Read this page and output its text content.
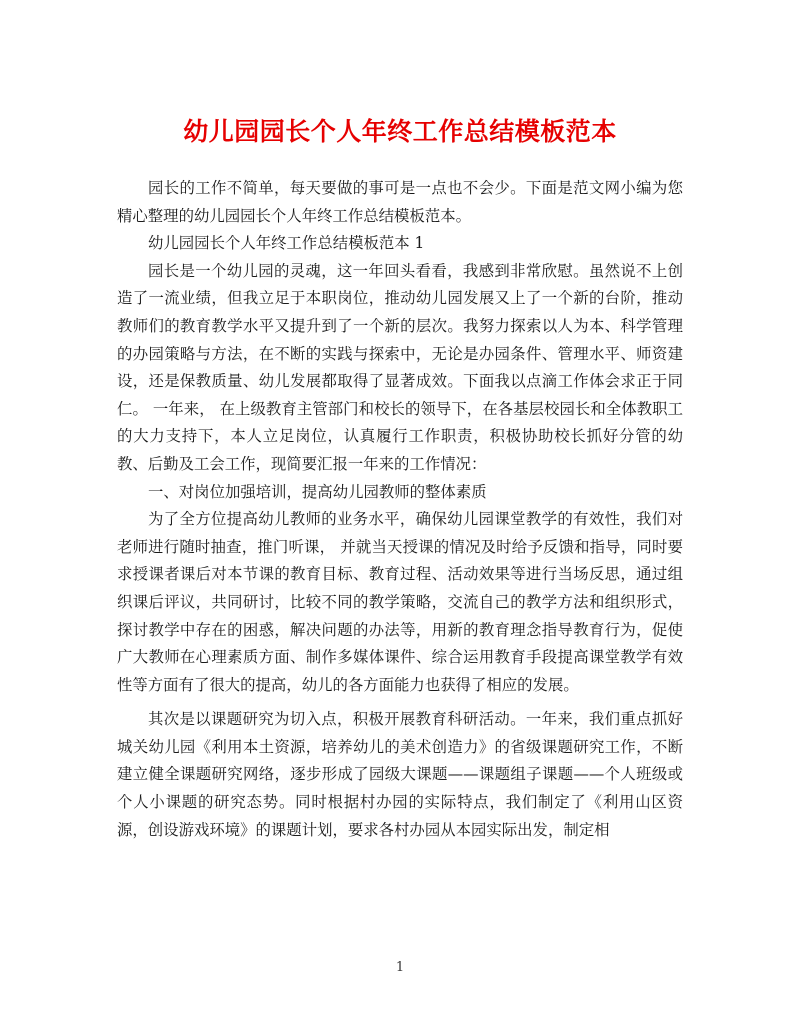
幼儿园园长个人年终工作总结模板范本

园长的工作不简单，每天要做的事可是一点也不会少。下面是范文网小编为您精心整理的幼儿园园长个人年终工作总结模板范本。

幼儿园园长个人年终工作总结模板范本 1

园长是一个幼儿园的灵魂，这一年回头看看，我感到非常欣慰。虽然说不上创造了一流业绩，但我立足于本职岗位，推动幼儿园发展又上了一个新的台阶，推动教师们的教育教学水平又提升到了一个新的层次。我努力探索以人为本、科学管理的办园策略与方法，在不断的实践与探索中，无论是办园条件、管理水平、师资建设，还是保教质量、幼儿发展都取得了显著成效。下面我以点滴工作体会求正于同仁。 一年来， 在上级教育主管部门和校长的领导下，在各基层校园长和全体教职工的大力支持下，本人立足岗位，认真履行工作职责，积极协助校长抓好分管的幼教、后勤及工会工作，现简要汇报一年来的工作情况：

一、对岗位加强培训，提高幼儿园教师的整体素质

为了全方位提高幼儿教师的业务水平，确保幼儿园课堂教学的有效性，我们对老师进行随时抽查，推门听课， 并就当天授课的情况及时给予反馈和指导，同时要求授课者课后对本节课的教育目标、教育过程、活动效果等进行当场反思，通过组织课后评议，共同研讨，比较不同的教学策略，交流自己的教学方法和组织形式，探讨教学中存在的困惑，解决问题的办法等，用新的教育理念指导教育行为，促使广大教师在心理素质方面、制作多媒体课件、综合运用教育手段提高课堂教学有效性等方面有了很大的提高，幼儿的各方面能力也获得了相应的发展。

其次是以课题研究为切入点，积极开展教育科研活动。一年来，我们重点抓好城关幼儿园《利用本土资源，培养幼儿的美术创造力》的省级课题研究工作，不断建立健全课题研究网络，逐步形成了园级大课题——课题组子课题——个人班级或个人小课题的研究态势。同时根据村办园的实际特点，我们制定了《利用山区资源，创设游戏环境》的课题计划，要求各村办园从本园实际出发，制定相

1
